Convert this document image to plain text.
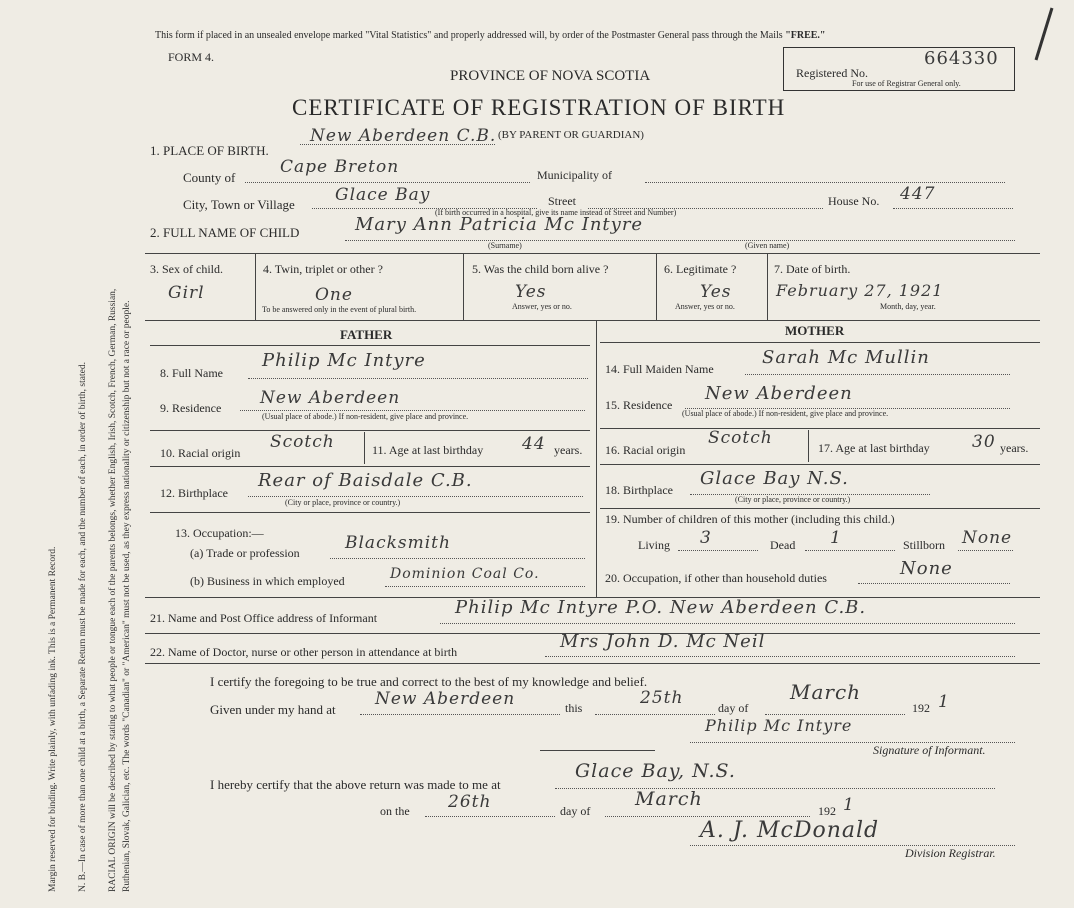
Margin reserved for binding. Write plainly, with unfading ink. This is a Permanent Record. N. B.—In case of more than one child at a birth, a Separate Return must be made for each, and the number of each, in order of birth, stated. RACIAL ORIGIN will be described by stating to what people or tongue each of the parents belongs, whether English, Irish, Scotch, French, German, Russian, Ruthenian, Slovak, Galician, etc. The words "Canadian" or "American" must not be used, as they express nationality or citizenship but not a race or people.
This form if placed in an unsealed envelope marked "Vital Statistics" and properly addressed will, by order of the Postmaster General pass through the Mails "FREE."
FORM 4.
PROVINCE OF NOVA SCOTIA
CERTIFICATE OF REGISTRATION OF BIRTH
Registered No.
664330
For use of Registrar General only.
1. PLACE OF BIRTH.
New Aberdeen C.B. (BY PARENT OR GUARDIAN)
County of
Cape Breton	Municipality of
City, Town or Village Glace Bay	Street	House No. 447
(If birth occurred in a hospital, give its name instead of Street and Number)
2. FULL NAME OF CHILD	Mary Ann Patricia Mc Intyre
(Surname)	(Given name)
3. Sex of child.
Girl
4. Twin, triplet or other ?
One
To be answered only in the event of plural birth.
5. Was the child born alive ?
Yes
Answer, yes or no.
6. Legitimate ?
Yes
Answer, yes or no.
7. Date of birth.
February 27, 1921
Month, day, year.
FATHER	MOTHER
8. Full Name
Philip Mc Intyre
9. Residence New Aberdeen
(Usual place of abode.) If non-resident, give place and province.
10. Racial origin
Scotch	11. Age at last birthday 44 years.
12. Birthplace
Rear of Baisdale C.B.
(City or place, province or country.)
13. Occupation:—
(a) Trade or profession	Blacksmith
(b) Business in which employed	Dominion Coal Co.
14. Full Maiden Name
Sarah Mc Mullin
15. Residence
New Aberdeen
(Usual place of abode.) If non-resident, give place and province.
16. Racial origin
Scotch	17. Age at last birthday 30 years.
18. Birthplace
Glace Bay N.S.
(City or place, province or country.)
19. Number of children of this mother (including this child.)
Living 3	Dead 1	Stillborn None
20. Occupation, if other than household duties	None
21. Name and Post Office address of Informant	Philip Mc Intyre P.O. New Aberdeen C.B.
22. Name of Doctor, nurse or other person in attendance at birth	Mrs John D. Mc Neil
I certify the foregoing to be true and correct to the best of my knowledge and belief.
Given under my hand at
New Aberdeen	this	25th	day of
March
192 1
Philip Mc Intyre
Signature of Informant.
I hereby certify that the above return was made to me at
Glace Bay, N.S.
on the 26th	day of
March
192 1
A. J. McDonald
Division Registrar.
